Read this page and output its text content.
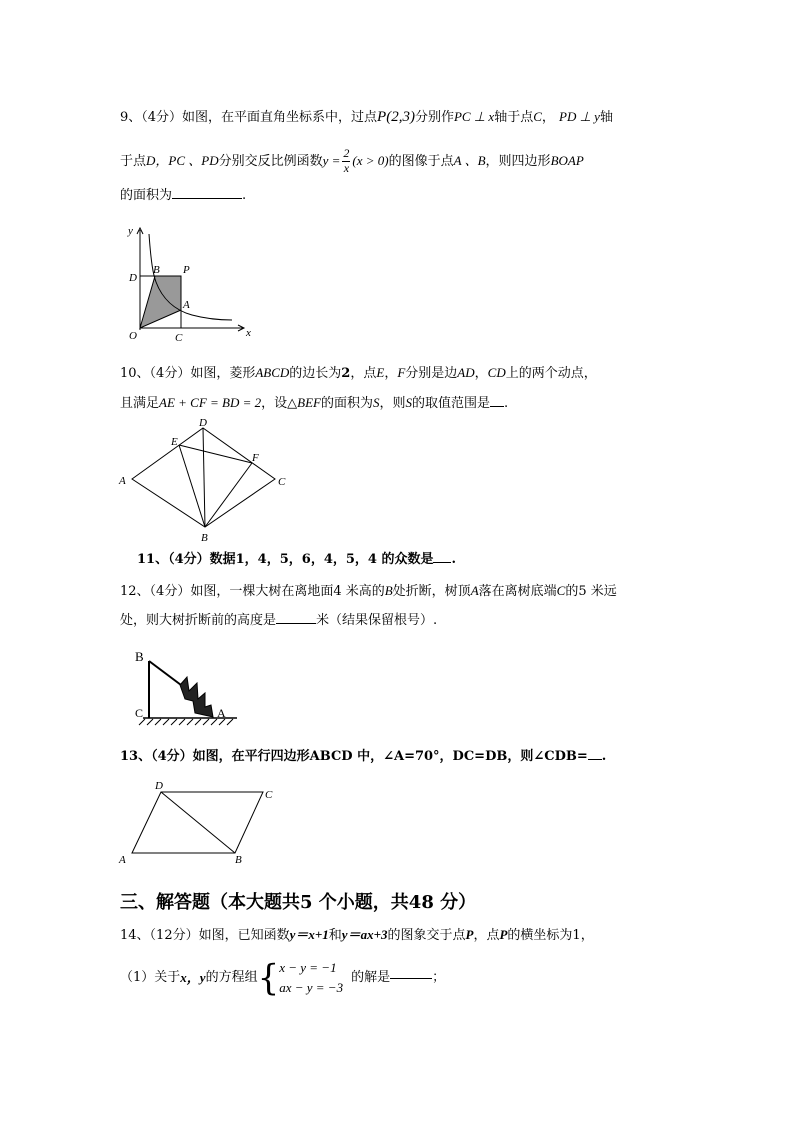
9、（4分）如图，在平面直角坐标系中，过点P(2,3)分别作PC ⊥ x轴于点C， PD ⊥ y轴
于点D，PC 、PD分别交反比例函数$y = \frac{2}{x} (x > 0)$的图像于点A 、B，则四边形BOAP
的面积为	.
y
D
B P
A
O	C	x
10、（4分）如图，菱形ABCD的边长为2，点E，F分别是边AD，CD上的两个动点，
且满足AE + CF = BD = 2，设△BEF的面积为S，则S的取值范围是 .
D
E
F
A	C
B
11、（4分）数据1，4，5，6，4，5，4 的众数是 .
12、（4分）如图，一棵大树在离地面4 米高的B处折断，树顶A落在离树底端C的5 米远
处，则大树折断前的高度是	米（结果保留根号）.
B
C	A
13、（4分）如图，在平行四边形ABCD 中，∠A=70°，DC=DB，则∠CDB= .
D
C
A	B
三、解答题（本大题共5 个小题，共48 分）
14、（12分）如图，已知函数y＝x+1和y＝ax+3的图象交于点P，点P的横坐标为1，
（1）关于x，y的方程组{ x − y = −1
ax − y = −3
的解是	；
